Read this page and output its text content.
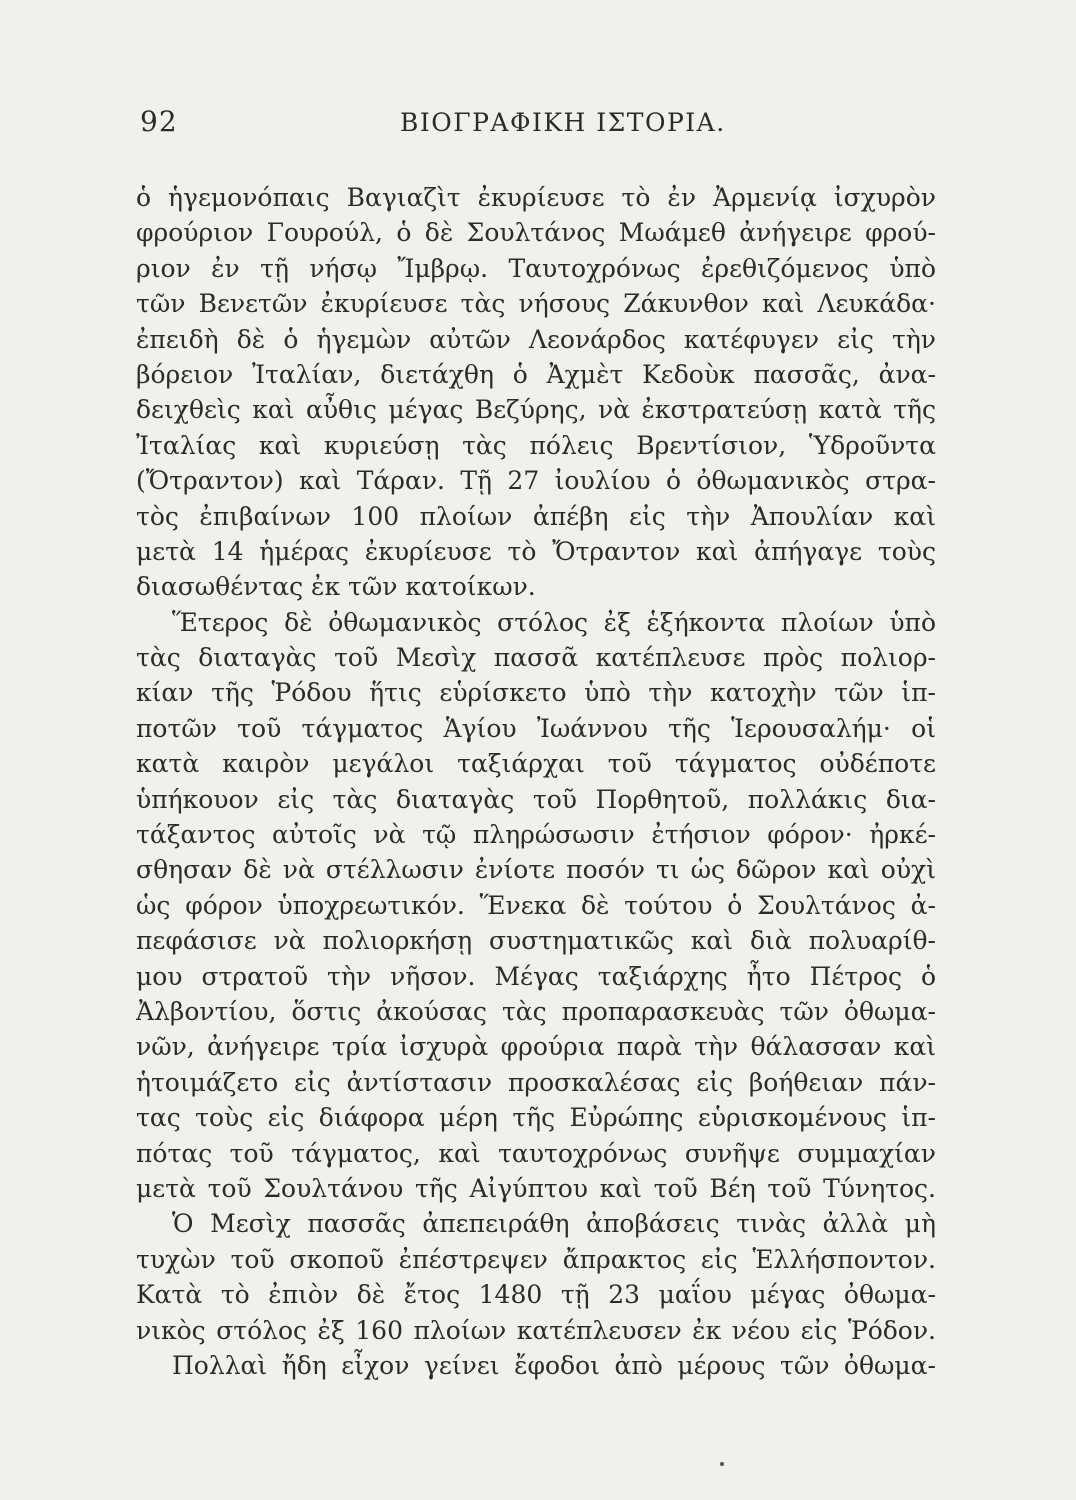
92	ΒΙΟΓΡΑΦΙΚΗ ΙΣΤΟΡΙΑ.
ὁ ἡγεμονόπαις Βαγιαζὶτ ἐκυρίευσε τὸ ἐν Ἀρμενίᾳ ἰσχυρὸν
φρούριον Γουρούλ, ὁ δὲ Σουλτάνος Μωάμεθ ἀνήγειρε φρού-
ριον ἐν τῇ νήσῳ Ἴμβρῳ. Ταυτοχρόνως ἐρεθιζόμενος ὑπὸ
τῶν Βενετῶν ἐκυρίευσε τὰς νήσους Ζάκυνθον καὶ Λευκάδα·
ἐπειδὴ δὲ ὁ ἡγεμὼν αὐτῶν Λεονάρδος κατέφυγεν εἰς τὴν
βόρειον Ἰταλίαν, διετάχθη ὁ Ἀχμὲτ Κεδοὺκ πασσᾶς, ἀνα-
δειχθεὶς καὶ αὖθις μέγας Βεζύρης, νὰ ἐκστρατεύσῃ κατὰ τῆς
Ἰταλίας καὶ κυριεύσῃ τὰς πόλεις Βρεντίσιον, Ὑδροῦντα
(Ὄτραντον) καὶ Τάραν. Τῇ 27 ἰουλίου ὁ ὀθωμανικὸς στρα-
τὸς ἐπιβαίνων 100 πλοίων ἀπέβη εἰς τὴν Ἀπουλίαν καὶ
μετὰ 14 ἡμέρας ἐκυρίευσε τὸ Ὄτραντον καὶ ἀπήγαγε τοὺς
διασωθέντας ἐκ τῶν κατοίκων.
Ἕτερος δὲ ὀθωμανικὸς στόλος ἐξ ἑξήκοντα πλοίων ὑπὸ
τὰς διαταγὰς τοῦ Μεσὶχ πασσᾶ κατέπλευσε πρὸς πολιορ-
κίαν τῆς Ῥόδου ἥτις εὑρίσκετο ὑπὸ τὴν κατοχὴν τῶν ἱπ-
ποτῶν τοῦ τάγματος Ἁγίου Ἰωάννου τῆς Ἱερουσαλήμ· οἱ
κατὰ καιρὸν μεγάλοι ταξιάρχαι τοῦ τάγματος οὐδέποτε
ὑπήκουον εἰς τὰς διαταγὰς τοῦ Πορθητοῦ, πολλάκις δια-
τάξαντος αὐτοῖς νὰ τῷ πληρώσωσιν ἐτήσιον φόρον· ἠρκέ-
σθησαν δὲ νὰ στέλλωσιν ἐνίοτε ποσόν τι ὡς δῶρον καὶ οὐχὶ
ὡς φόρον ὑποχρεωτικόν. Ἕνεκα δὲ τούτου ὁ Σουλτάνος ἀ-
πεφάσισε νὰ πολιορκήσῃ συστηματικῶς καὶ διὰ πολυαρίθ-
μου στρατοῦ τὴν νῆσον. Μέγας ταξιάρχης ἦτο Πέτρος ὁ
Ἀλβοντίου, ὅστις ἀκούσας τὰς προπαρασκευὰς τῶν ὀθωμα-
νῶν, ἀνήγειρε τρία ἰσχυρὰ φρούρια παρὰ τὴν θάλασσαν καὶ
ἡτοιμάζετο εἰς ἀντίστασιν προσκαλέσας εἰς βοήθειαν πάν-
τας τοὺς εἰς διάφορα μέρη τῆς Εὐρώπης εὑρισκομένους ἱπ-
πότας τοῦ τάγματος, καὶ ταυτοχρόνως συνῆψε συμμαχίαν
μετὰ τοῦ Σουλτάνου τῆς Αἰγύπτου καὶ τοῦ Βέη τοῦ Τύνητος.
Ὁ Μεσὶχ πασσᾶς ἀπεπειράθη ἀποβάσεις τινὰς ἀλλὰ μὴ
τυχὼν τοῦ σκοποῦ ἐπέστρεψεν ἄπρακτος εἰς Ἑλλήσποντον.
Κατὰ τὸ ἐπιὸν δὲ ἔτος 1480 τῇ 23 μαΐου μέγας ὀθωμα-
νικὸς στόλος ἐξ 160 πλοίων κατέπλευσεν ἐκ νέου εἰς Ῥόδον.
Πολλαὶ ἤδη εἶχον γείνει ἔφοδοι ἀπὸ μέρους τῶν ὀθωμα-
